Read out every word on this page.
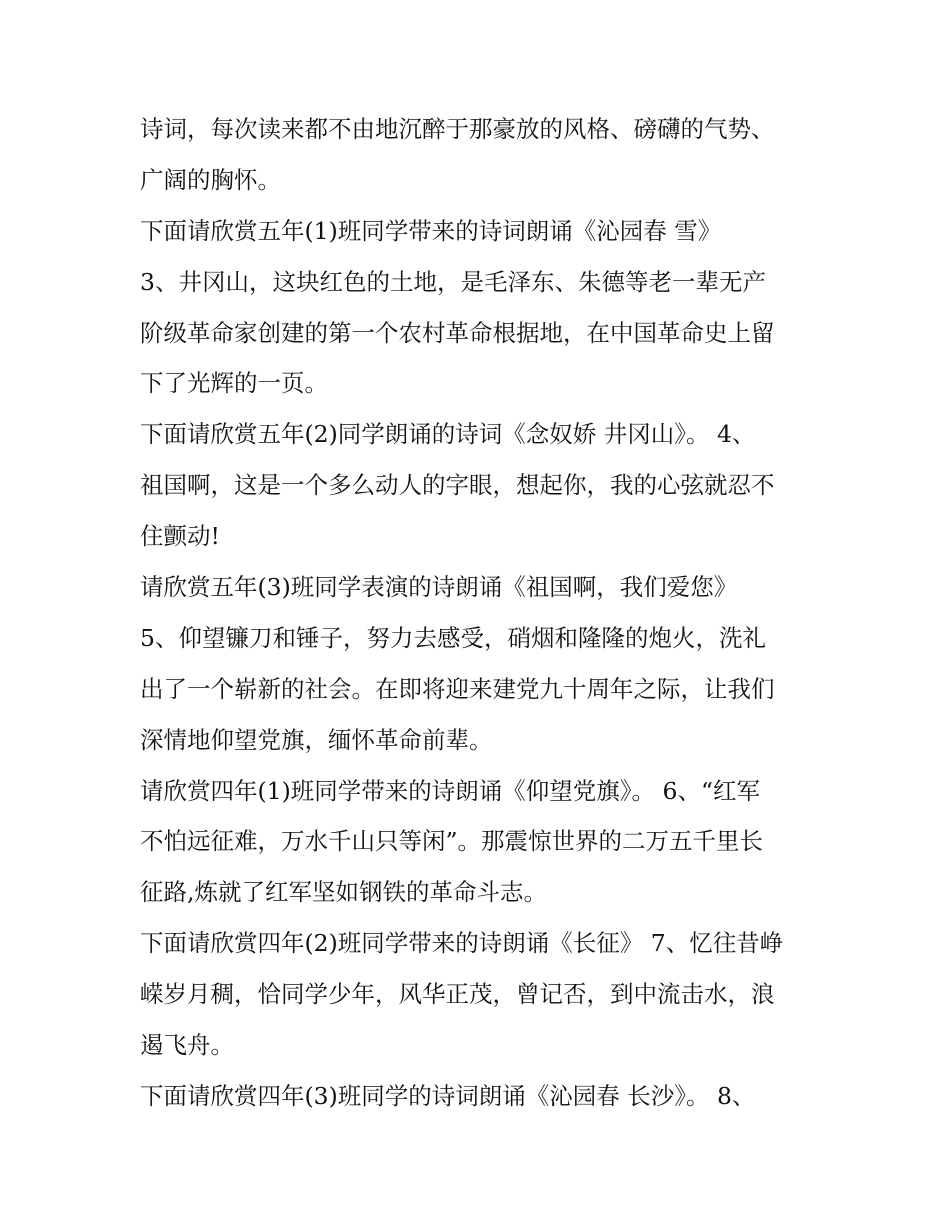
诗词，每次读来都不由地沉醉于那豪放的风格、磅礴的气势、
广阔的胸怀。
下面请欣赏五年(1)班同学带来的诗词朗诵《沁园春 雪》
3、井冈山，这块红色的土地，是毛泽东、朱德等老一辈无产
阶级革命家创建的第一个农村革命根据地，在中国革命史上留
下了光辉的一页。
下面请欣赏五年(2)同学朗诵的诗词《念奴娇 井冈山》。 4、
祖国啊，这是一个多么动人的字眼，想起你，我的心弦就忍不
住颤动!
请欣赏五年(3)班同学表演的诗朗诵《祖国啊，我们爱您》
5、仰望镰刀和锤子，努力去感受，硝烟和隆隆的炮火，洗礼
出了一个崭新的社会。在即将迎来建党九十周年之际，让我们
深情地仰望党旗，缅怀革命前辈。
请欣赏四年(1)班同学带来的诗朗诵《仰望党旗》。 6、“红军
不怕远征难，万水千山只等闲”。那震惊世界的二万五千里长
征路,炼就了红军坚如钢铁的革命斗志。
下面请欣赏四年(2)班同学带来的诗朗诵《长征》 7、忆往昔峥
嵘岁月稠，恰同学少年，风华正茂，曾记否，到中流击水，浪
遏飞舟。
下面请欣赏四年(3)班同学的诗词朗诵《沁园春 长沙》。 8、
